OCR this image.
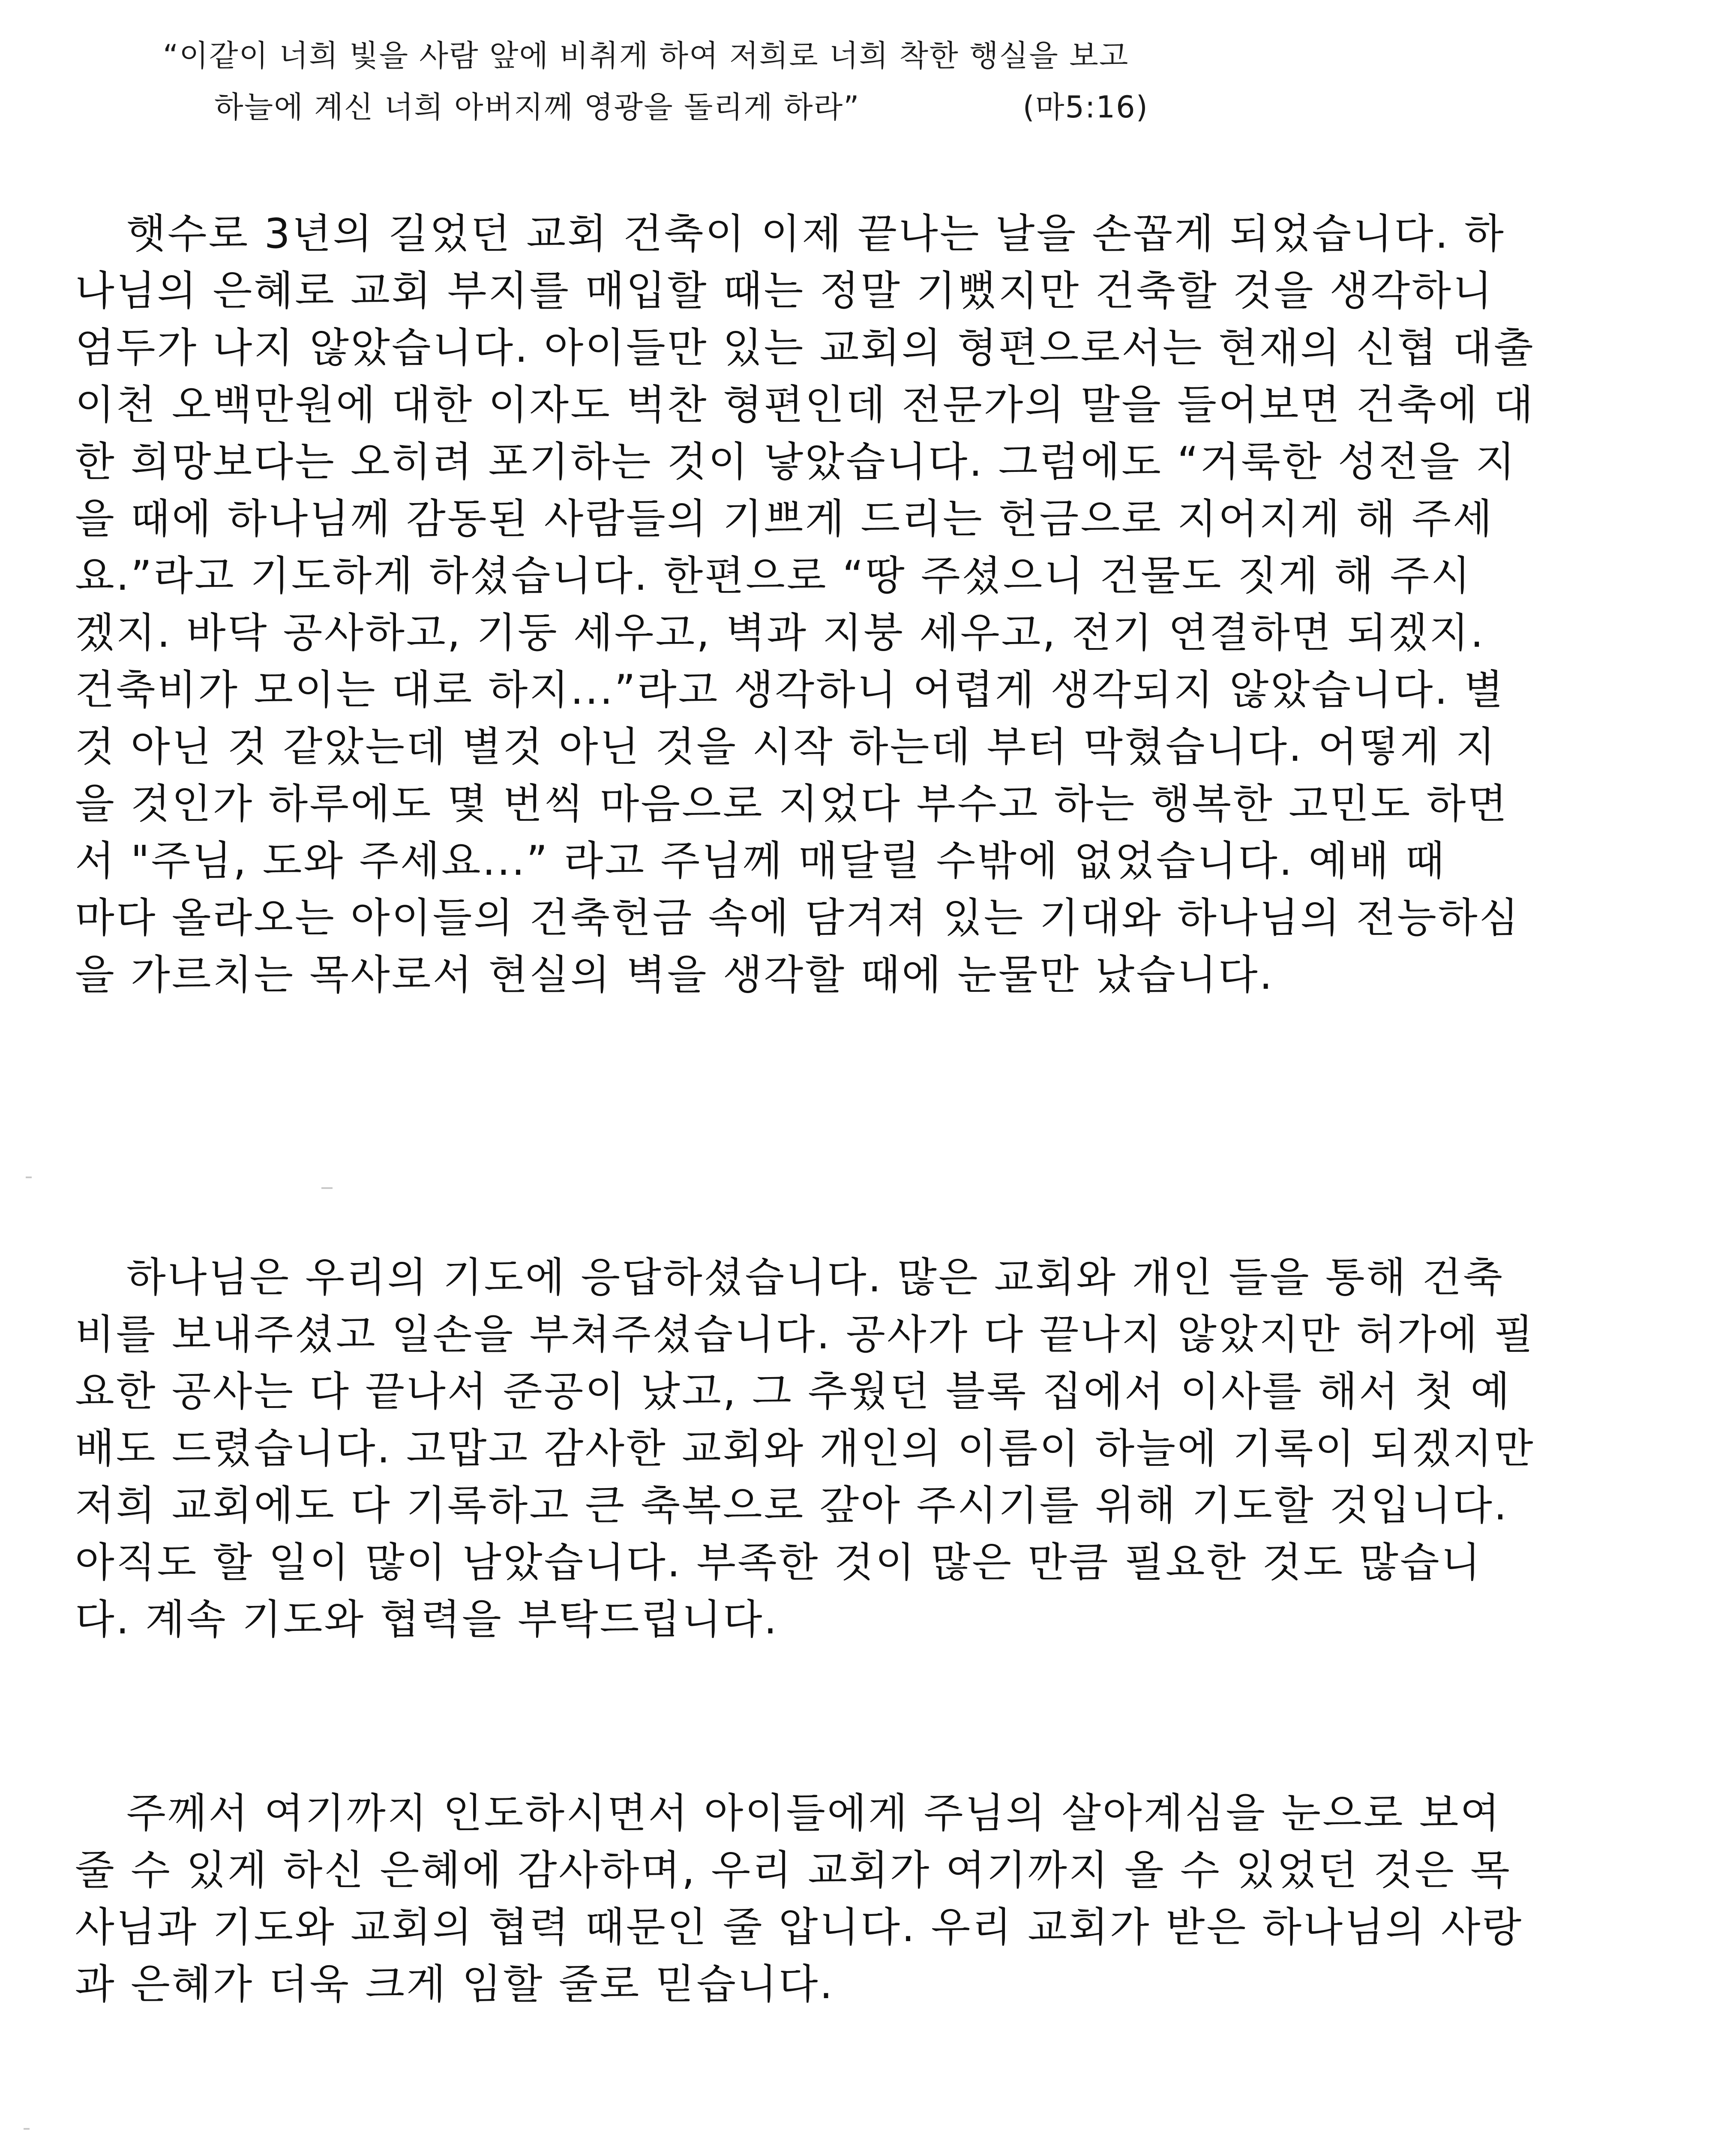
“이같이 너희 빛을 사람 앞에 비취게 하여 저희로 너희 착한 행실을 보고
하늘에 계신 너희 아버지께 영광을 돌리게 하라”	(마5:16)
햇수로 3년의 길었던 교회 건축이 이제 끝나는 날을 손꼽게 되었습니다. 하
나님의 은혜로 교회 부지를 매입할 때는 정말 기뻤지만 건축할 것을 생각하니
엄두가 나지 않았습니다. 아이들만 있는 교회의 형편으로서는 현재의 신협 대출
이천 오백만원에 대한 이자도 벅찬 형편인데 전문가의 말을 들어보면 건축에 대
한 희망보다는 오히려 포기하는 것이 낳았습니다. 그럼에도 “거룩한 성전을 지
을 때에 하나님께 감동된 사람들의 기쁘게 드리는 헌금으로 지어지게 해 주세
요.”라고 기도하게 하셨습니다. 한편으로 “땅 주셨으니 건물도 짓게 해 주시
겠지. 바닥 공사하고, 기둥 세우고, 벽과 지붕 세우고, 전기 연결하면 되겠지.
건축비가 모이는 대로 하지...”라고 생각하니 어렵게 생각되지 않았습니다. 별
것 아닌 것 같았는데 별것 아닌 것을 시작 하는데 부터 막혔습니다. 어떻게 지
을 것인가 하루에도 몇 번씩 마음으로 지었다 부수고 하는 행복한 고민도 하면
서 "주님, 도와 주세요...” 라고 주님께 매달릴 수밖에 없었습니다. 예배 때
마다 올라오는 아이들의 건축헌금 속에 담겨져 있는 기대와 하나님의 전능하심
을 가르치는 목사로서 현실의 벽을 생각할 때에 눈물만 났습니다.
하나님은 우리의 기도에 응답하셨습니다. 많은 교회와 개인 들을 통해 건축
비를 보내주셨고 일손을 부쳐주셨습니다. 공사가 다 끝나지 않았지만 허가에 필
요한 공사는 다 끝나서 준공이 났고, 그 추웠던 블록 집에서 이사를 해서 첫 예
배도 드렸습니다. 고맙고 감사한 교회와 개인의 이름이 하늘에 기록이 되겠지만
저희 교회에도 다 기록하고 큰 축복으로 갚아 주시기를 위해 기도할 것입니다.
아직도 할 일이 많이 남았습니다. 부족한 것이 많은 만큼 필요한 것도 많습니
다. 계속 기도와 협력을 부탁드립니다.
주께서 여기까지 인도하시면서 아이들에게 주님의 살아계심을 눈으로 보여
줄 수 있게 하신 은혜에 감사하며, 우리 교회가 여기까지 올 수 있었던 것은 목
사님과 기도와 교회의 협력 때문인 줄 압니다. 우리 교회가 받은 하나님의 사랑
과 은혜가 더욱 크게 임할 줄로 믿습니다.
